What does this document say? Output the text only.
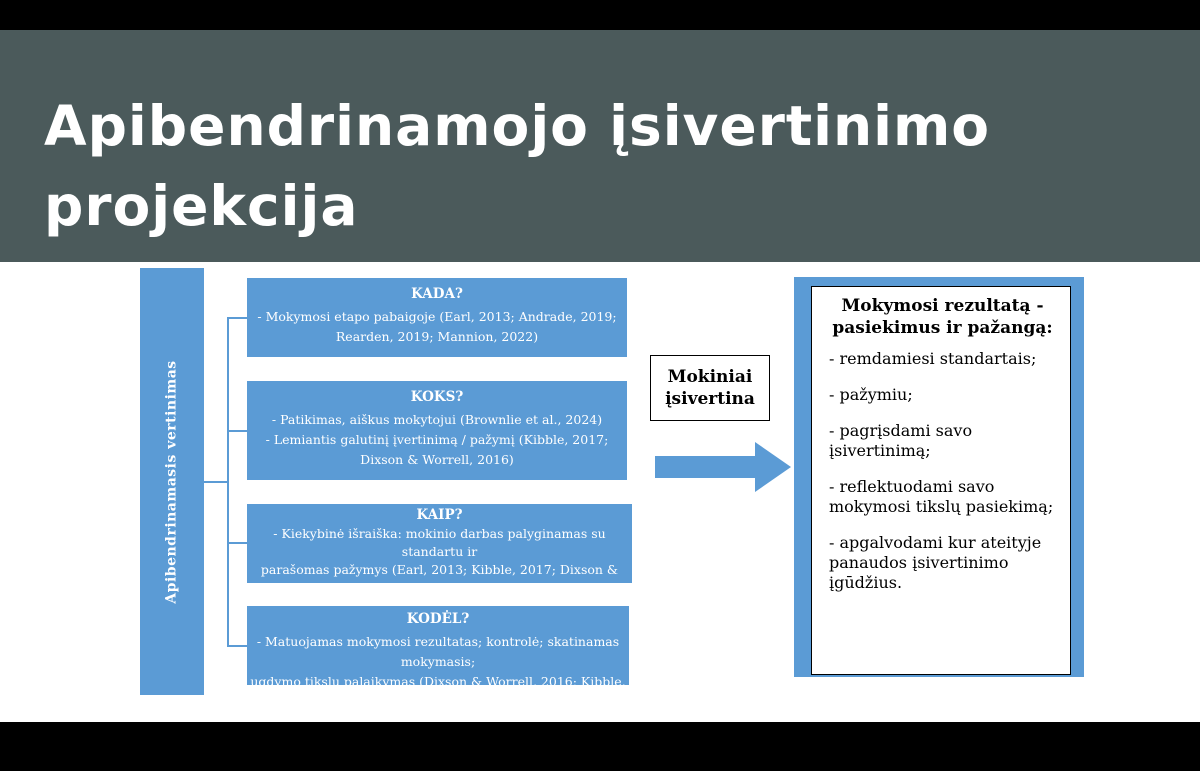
Apibendrinamojo įsivertinimo
projekcija
Apibendrinamasis vertinimas
KADA?
- Mokymosi etapo pabaigoje (Earl, 2013; Andrade, 2019;
Rearden, 2019; Mannion, 2022)
KOKS?
- Patikimas, aiškus mokytojui (Brownlie et al., 2024)
- Lemiantis galutinį įvertinimą / pažymį (Kibble, 2017;
Dixson & Worrell, 2016)
KAIP?
- Kiekybinė išraiška: mokinio darbas palyginamas su standartu ir
parašomas pažymys (Earl, 2013; Kibble, 2017; Dixson & Worrell,
KODĖL?
- Matuojamas mokymosi rezultatas; kontrolė; skatinamas mokymasis;
ugdymo tikslų palaikymas (Dixson & Worrell, 2016; Kibble, 2017)
Mokiniai
įsivertina
Mokymosi rezultatą -
pasiekimus ir pažangą:
- remdamiesi standartais;
- pažymiu;
- pagrįsdami savo įsivertinimą;
- reflektuodami savo mokymosi tikslų pasiekimą;
- apgalvodami kur ateityje panaudos įsivertinimo įgūdžius.
